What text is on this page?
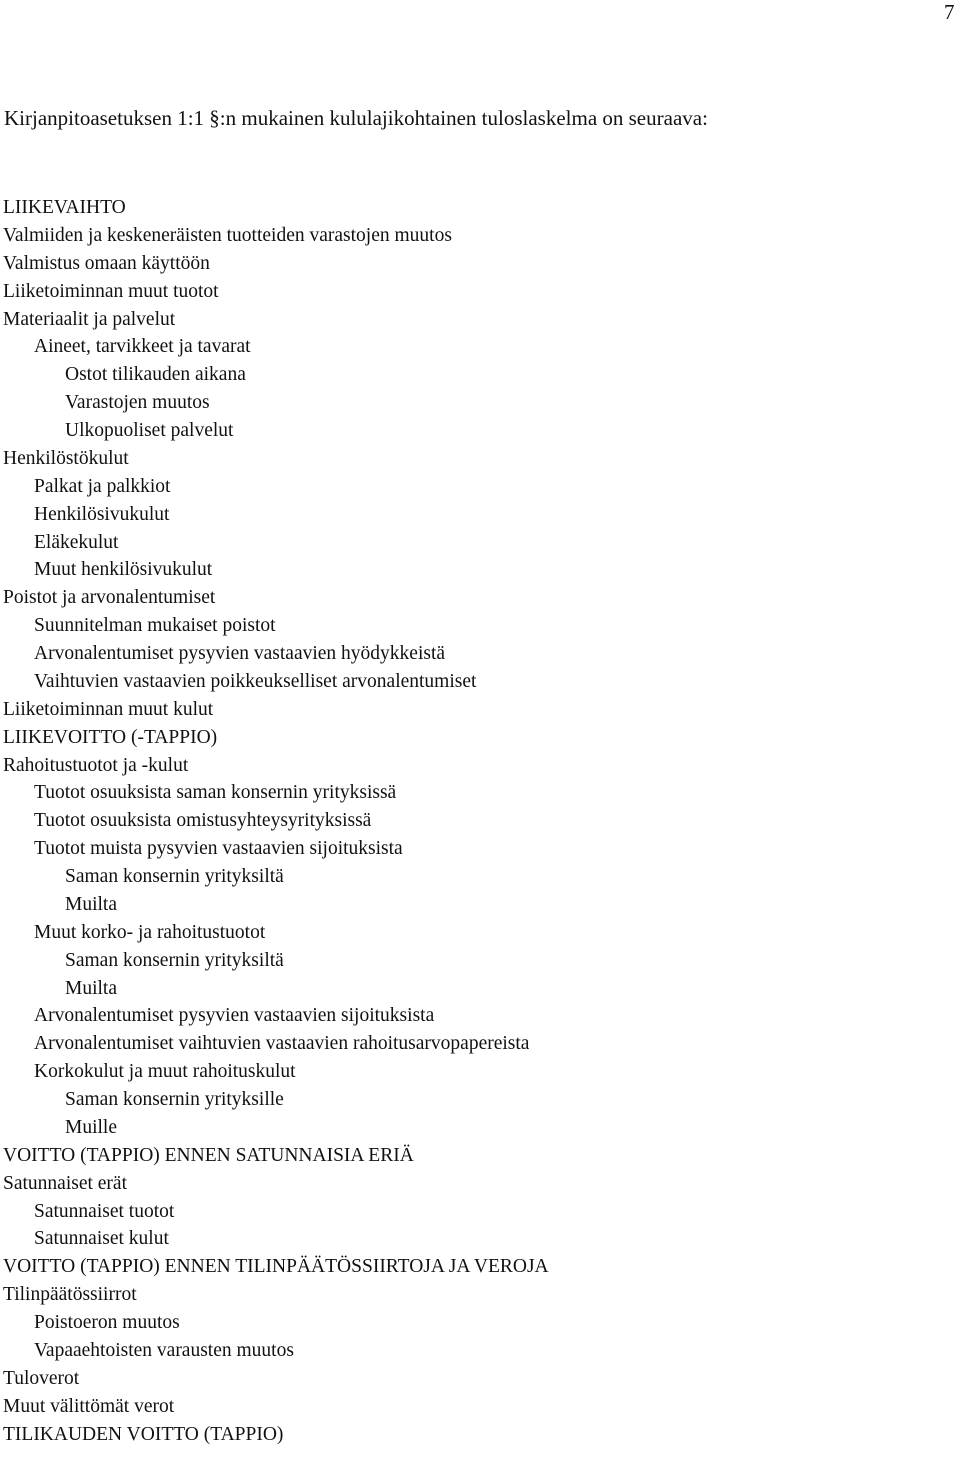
7
Kirjanpitoasetuksen 1:1 §:n mukainen kululajikohtainen tuloslaskelma on seuraava:
LIIKEVAIHTO
Valmiiden ja keskeneräisten tuotteiden varastojen muutos
Valmistus omaan käyttöön
Liiketoiminnan muut tuotot
Materiaalit ja palvelut
Aineet, tarvikkeet ja tavarat
Ostot tilikauden aikana
Varastojen muutos
Ulkopuoliset palvelut
Henkilöstökulut
Palkat ja palkkiot
Henkilösivukulut
Eläkekulut
Muut henkilösivukulut
Poistot ja arvonalentumiset
Suunnitelman mukaiset poistot
Arvonalentumiset pysyvien vastaavien hyödykkeistä
Vaihtuvien vastaavien poikkeukselliset arvonalentumiset
Liiketoiminnan muut kulut
LIIKEVOITTO (-TAPPIO)
Rahoitustuotot ja -kulut
Tuotot osuuksista saman konsernin yrityksissä
Tuotot osuuksista omistusyhteysyrityksissä
Tuotot muista pysyvien vastaavien sijoituksista
Saman konsernin yrityksiltä
Muilta
Muut korko- ja rahoitustuotot
Saman konsernin yrityksiltä
Muilta
Arvonalentumiset pysyvien vastaavien sijoituksista
Arvonalentumiset vaihtuvien vastaavien rahoitusarvopapereista
Korkokulut ja muut rahoituskulut
Saman konsernin yrityksille
Muille
VOITTO (TAPPIO) ENNEN SATUNNAISIA ERIÄ
Satunnaiset erät
Satunnaiset tuotot
Satunnaiset kulut
VOITTO (TAPPIO) ENNEN TILINPÄÄTÖSSIIRTOJA JA VEROJA
Tilinpäätössiirrot
Poistoeron muutos
Vapaaehtoisten varausten muutos
Tuloverot
Muut välittömät verot
TILIKAUDEN VOITTO (TAPPIO)
